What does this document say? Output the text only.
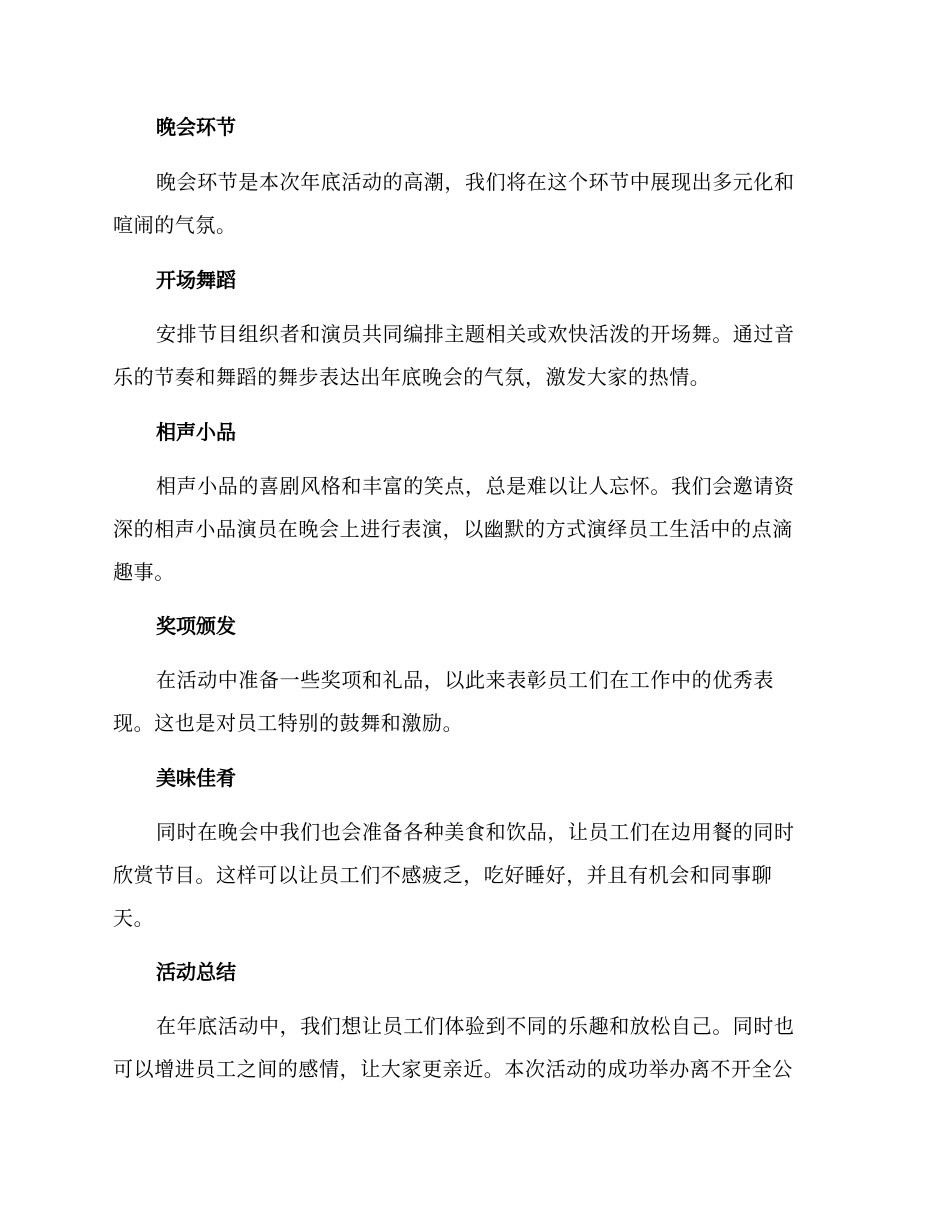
晚会环节
晚会环节是本次年底活动的高潮，我们将在这个环节中展现出多元化和
喧闹的气氛。
开场舞蹈
安排节目组织者和演员共同编排主题相关或欢快活泼的开场舞。通过音
乐的节奏和舞蹈的舞步表达出年底晚会的气氛，激发大家的热情。
相声小品
相声小品的喜剧风格和丰富的笑点，总是难以让人忘怀。我们会邀请资
深的相声小品演员在晚会上进行表演，以幽默的方式演绎员工生活中的点滴
趣事。
奖项颁发
在活动中准备一些奖项和礼品，以此来表彰员工们在工作中的优秀表
现。这也是对员工特别的鼓舞和激励。
美味佳肴
同时在晚会中我们也会准备各种美食和饮品，让员工们在边用餐的同时
欣赏节目。这样可以让员工们不感疲乏，吃好睡好，并且有机会和同事聊
天。
活动总结
在年底活动中，我们想让员工们体验到不同的乐趣和放松自己。同时也
可以增进员工之间的感情，让大家更亲近。本次活动的成功举办离不开全公
